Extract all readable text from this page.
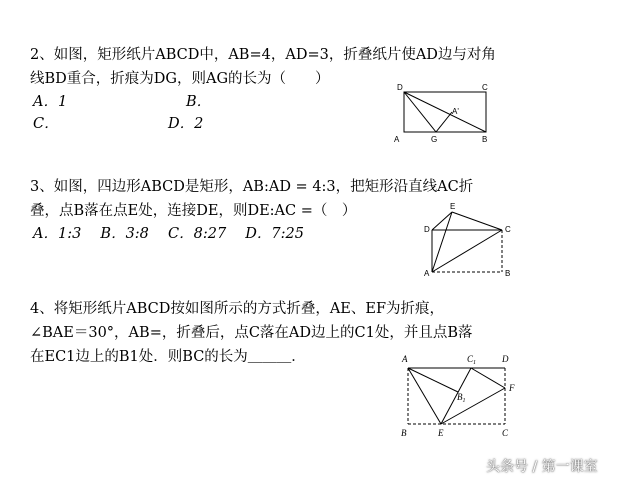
2、如图，矩形纸片ABCD中，AB=4，AD=3，折叠纸片使AD边与对角
线BD重合，折痕为DG，则AG的长为（　　）
A．1	B．
C．	D．2
D	C
A	G	B
A'
3、如图，四边形ABCD是矩形，AB:AD = 4:3，把矩形沿直线AC折
叠，点B落在点E处，连接DE，则DE:AC =（　）
A．1:3　 B．3:8　 C．8:27　 D．7:25
E
D	C
A	B
4、将矩形纸片ABCD按如图所示的方式折叠，AE、EF为折痕，
∠BAE＝30°，AB=，折叠后，点C落在AD边上的C1处，并且点B落
在EC1边上的B1处．则BC的长为＿＿＿．	A	$C_1$	D
F
$B_1$
B	E	C
头条号 / 第一课室
